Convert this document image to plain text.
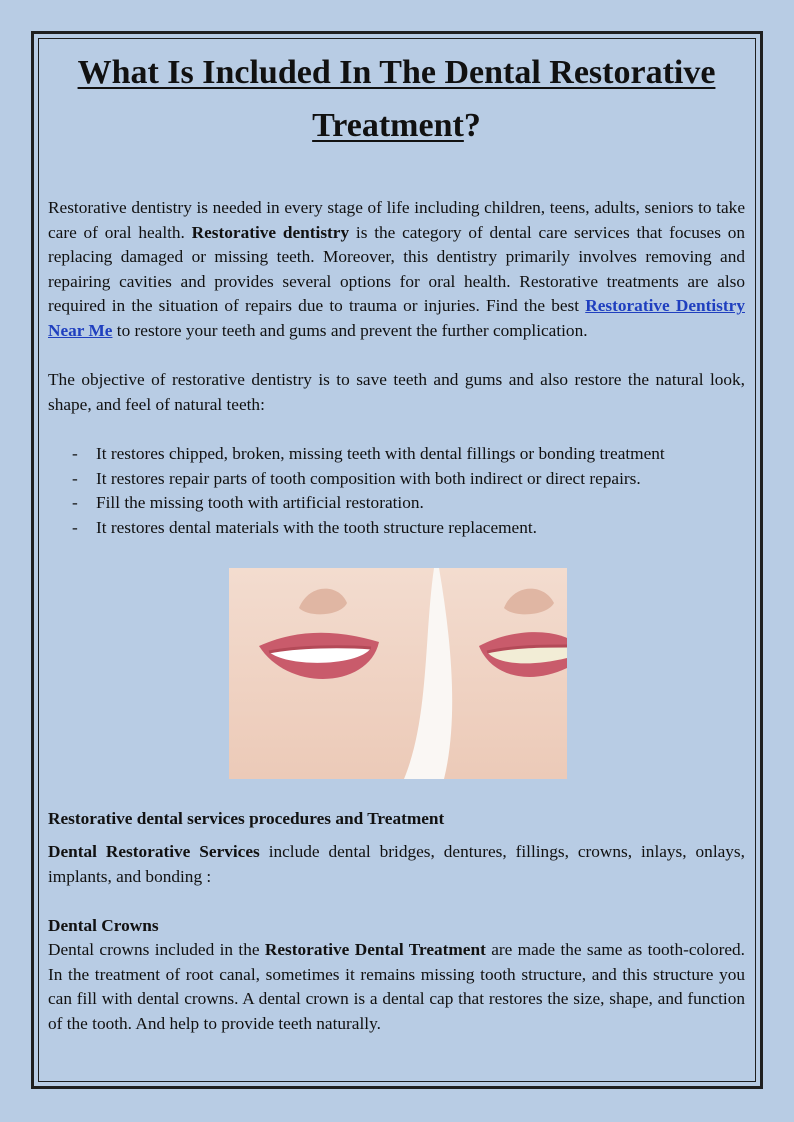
What Is Included In The Dental Restorative
Treatment?

Restorative dentistry is needed in every stage of life including children, teens, adults, seniors to take care of oral health. Restorative dentistry is the category of dental care services that focuses on replacing damaged or missing teeth. Moreover, this dentistry primarily involves removing and repairing cavities and provides several options for oral health. Restorative treatments are also required in the situation of repairs due to trauma or injuries. Find the best Restorative Dentistry Near Me to restore your teeth and gums and prevent the further complication.

The objective of restorative dentistry is to save teeth and gums and also restore the natural look, shape, and feel of natural teeth:

- It restores chipped, broken, missing teeth with dental fillings or bonding treatment
- It restores repair parts of tooth composition with both indirect or direct repairs.
- Fill the missing tooth with artificial restoration.
- It restores dental materials with the tooth structure replacement.

Restorative dental services procedures and Treatment

Dental Restorative Services include dental bridges, dentures, fillings, crowns, inlays, onlays, implants, and bonding :

Dental Crowns

Dental crowns included in the Restorative Dental Treatment are made the same as tooth-colored. In the treatment of root canal, sometimes it remains missing tooth structure, and this structure you can fill with dental crowns. A dental crown is a dental cap that restores the size, shape, and function of the tooth. And help to provide teeth naturally.
